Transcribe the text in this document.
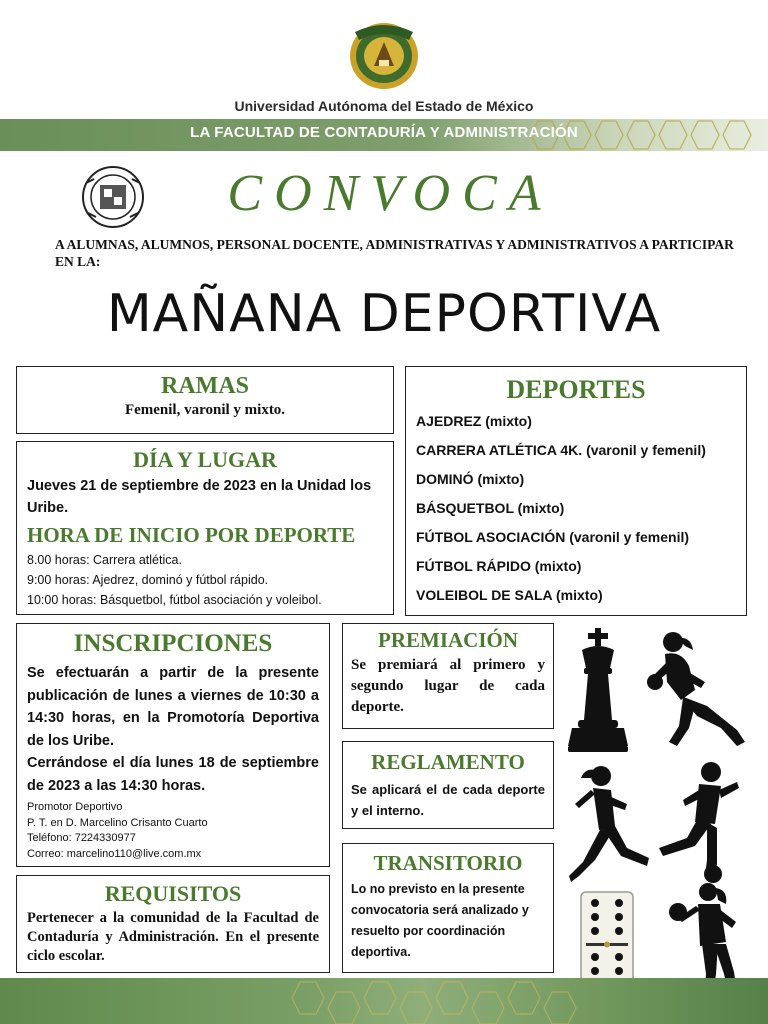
Universidad Autónoma del Estado de México
LA FACULTAD DE CONTADURÍA Y ADMINISTRACIÓN
CONVOCA
A ALUMNAS, ALUMNOS, PERSONAL DOCENTE, ADMINISTRATIVAS Y ADMINISTRATIVOS A PARTICIPAR EN LA:
MAÑANA DEPORTIVA
RAMAS

Femenil, varonil y mixto.

DÍA Y LUGAR
Jueves 21 de septiembre de 2023 en la Unidad los Uribe.
HORA DE INICIO POR DEPORTE
8.00 horas: Carrera atlética.
9:00 horas: Ajedrez, dominó y fútbol rápido.
10:00 horas: Básquetbol, fútbol asociación y voleibol.
DEPORTES
AJEDREZ (mixto)
CARRERA ATLÉTICA 4K. (varonil y femenil)
DOMINÓ (mixto)
BÁSQUETBOL (mixto)
FÚTBOL ASOCIACIÓN (varonil y femenil)
FÚTBOL RÁPIDO (mixto)
VOLEIBOL DE SALA (mixto)
INSCRIPCIONES
Se efectuarán a partir de la presente publicación de lunes a viernes de 10:30 a 14:30 horas, en la Promotoría Deportiva de los Uribe.
Cerrándose el día lunes 18 de septiembre de 2023 a las 14:30 horas.
Promotor Deportivo
P. T. en D. Marcelino Crisanto Cuarto
Teléfono: 7224330977
Correo: marcelino110@live.com.mx
REQUISITOS

Pertenecer a la comunidad de la Facultad de Contaduría y Administración. En el presente ciclo escolar.

PREMIACIÓN

Se premiará al primero y segundo lugar de cada deporte.

REGLAMENTO

Se aplicará el de cada deporte y el interno.

TRANSITORIO

Lo no previsto en la presente convocatoria será analizado y resuelto por coordinación deportiva.
